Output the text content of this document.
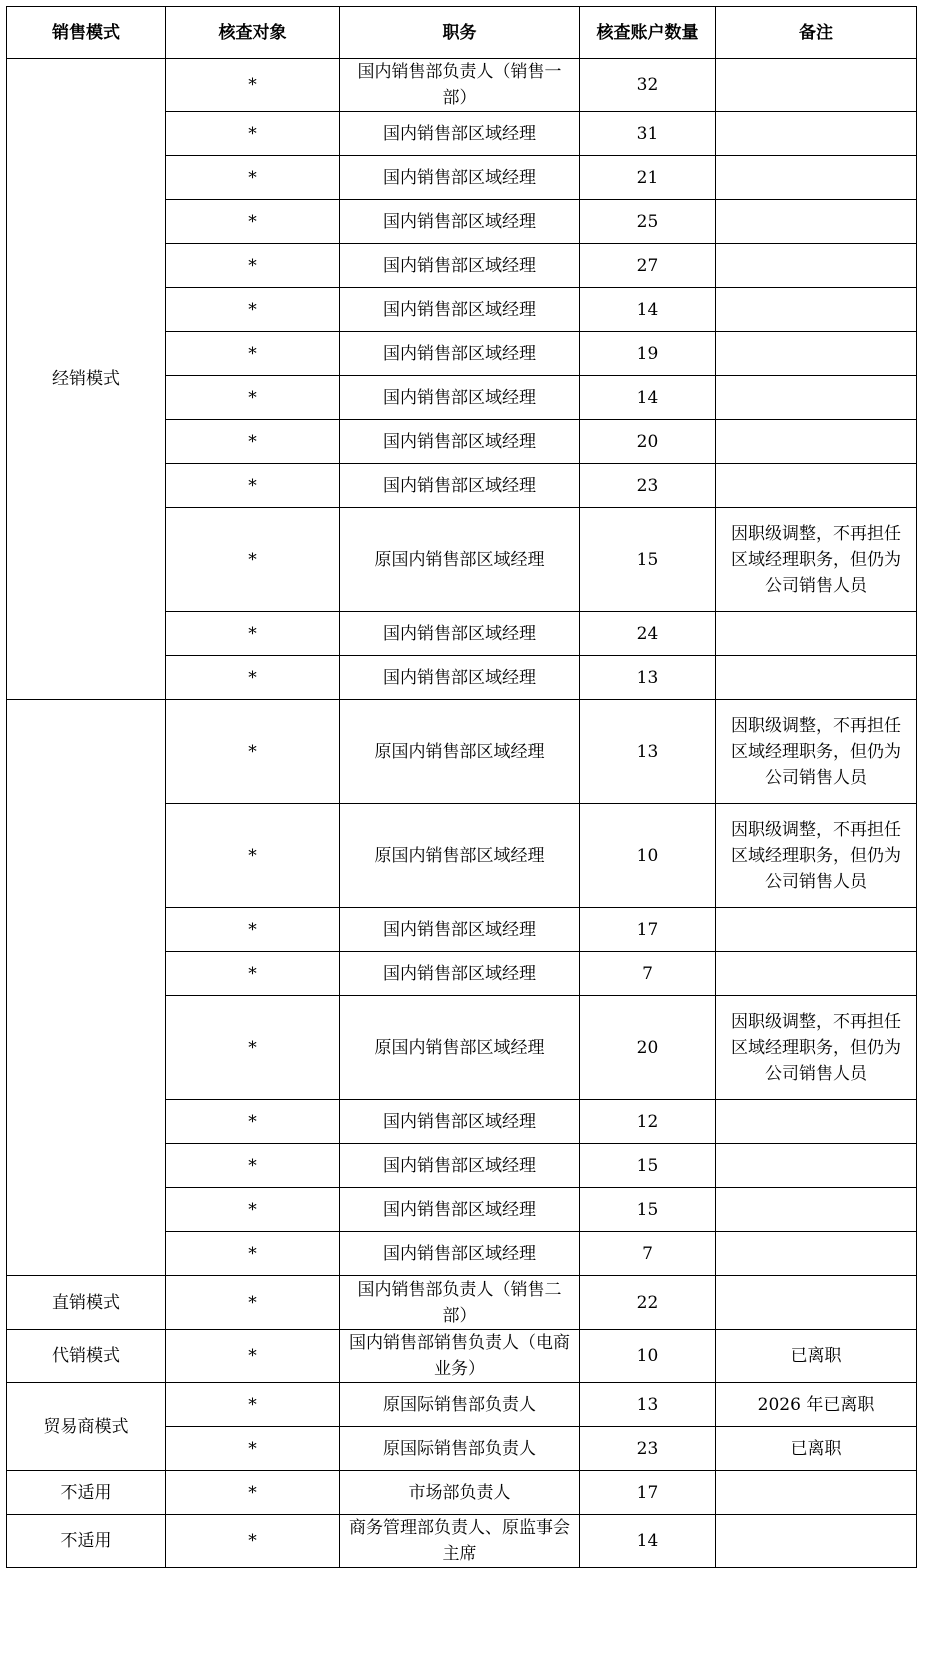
销售模式	核查对象	职务	核查账户数量	备注
经销模式	*	国内销售部负责人（销售一部）	32	
	*	国内销售部区域经理	31	
	*	国内销售部区域经理	21	
	*	国内销售部区域经理	25	
	*	国内销售部区域经理	27	
	*	国内销售部区域经理	14	
	*	国内销售部区域经理	19	
	*	国内销售部区域经理	14	
	*	国内销售部区域经理	20	
	*	国内销售部区域经理	23	
	*	原国内销售部区域经理	15	因职级调整，不再担任区域经理职务，但仍为公司销售人员
	*	国内销售部区域经理	24	
	*	国内销售部区域经理	13	
	*	原国内销售部区域经理	13	因职级调整，不再担任区域经理职务，但仍为公司销售人员
	*	原国内销售部区域经理	10	因职级调整，不再担任区域经理职务，但仍为公司销售人员
	*	国内销售部区域经理	17	
	*	国内销售部区域经理	7	
	*	原国内销售部区域经理	20	因职级调整，不再担任区域经理职务，但仍为公司销售人员
	*	国内销售部区域经理	12	
	*	国内销售部区域经理	15	
	*	国内销售部区域经理	15	
	*	国内销售部区域经理	7	
直销模式	*	国内销售部负责人（销售二部）	22	
代销模式	*	国内销售部销售负责人（电商业务）	10	已离职
贸易商模式	*	原国际销售部负责人	13	2026 年已离职
	*	原国际销售部负责人	23	已离职
不适用	*	市场部负责人	17	
不适用	*	商务管理部负责人、原监事会主席	14	
